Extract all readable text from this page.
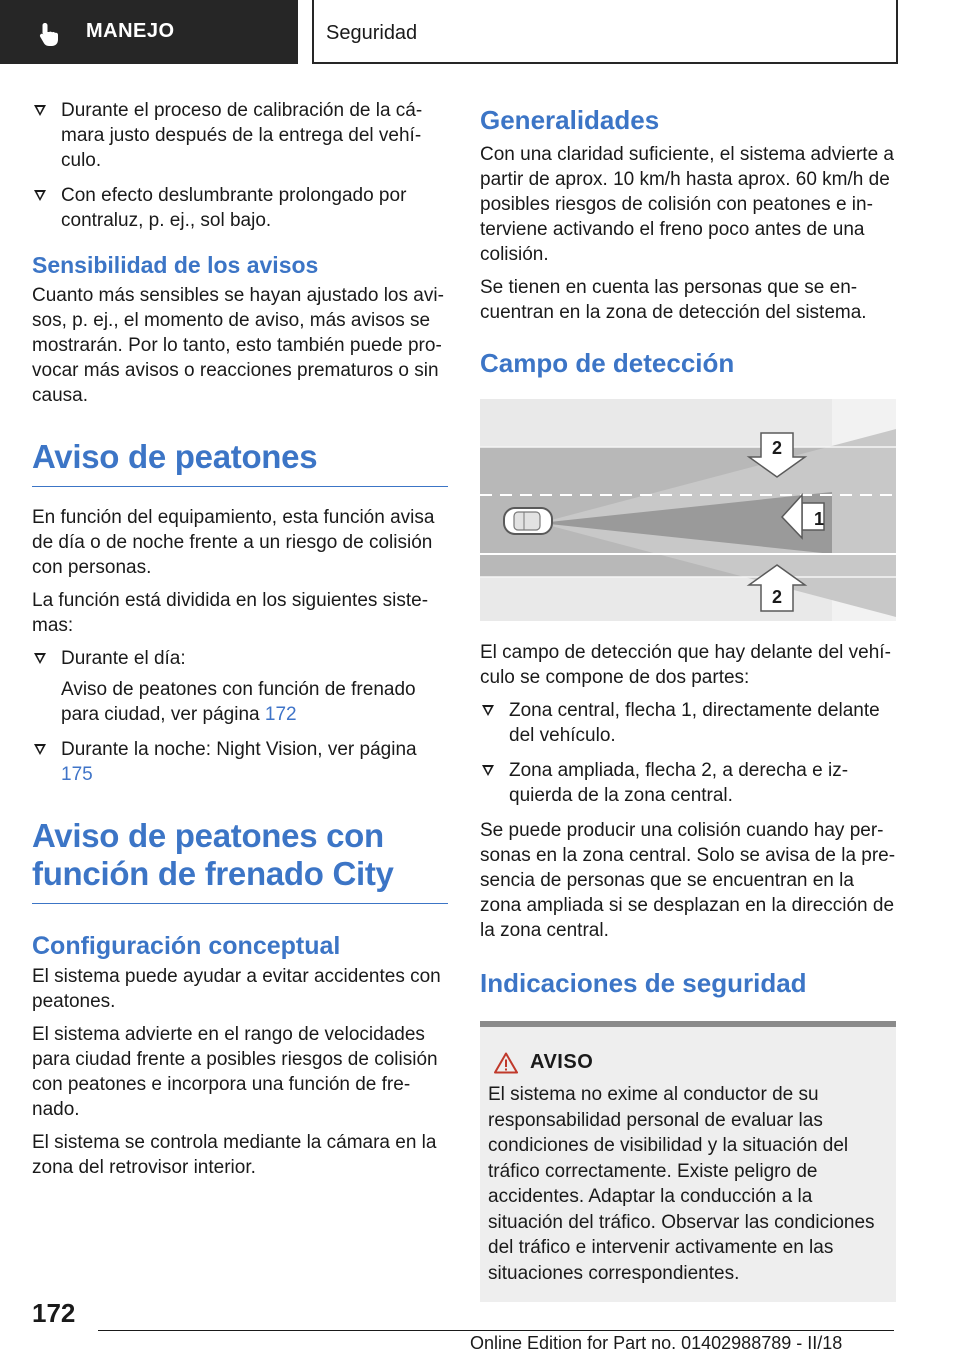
MANEJO	Seguridad
Durante el proceso de calibración de la cámara justo después de la entrega del vehículo.
Con efecto deslumbrante prolongado por contraluz, p. ej., sol bajo.
Sensibilidad de los avisos

Cuanto más sensibles se hayan ajustado los avisos, p. ej., el momento de aviso, más avisos se mostrarán. Por lo tanto, esto también puede provocar más avisos o reacciones prematuros o sin causa.

Aviso de peatones

En función del equipamiento, esta función avisa de día o de noche frente a un riesgo de colisión con personas.

La función está dividida en los siguientes sistemas:

Durante el día:
Aviso de peatones con función de frenado para ciudad, ver página 172
Durante la noche: Night Vision, ver página 175
Aviso de peatones con función de frenado City
Configuración conceptual

El sistema puede ayudar a evitar accidentes con peatones.

El sistema advierte en el rango de velocidades para ciudad frente a posibles riesgos de colisión con peatones e incorpora una función de frenado.

El sistema se controla mediante la cámara en la zona del retrovisor interior.

Generalidades

Con una claridad suficiente, el sistema advierte a partir de aprox. 10 km/h hasta aprox. 60 km/h de posibles riesgos de colisión con peatones e interviene activando el freno poco antes de una colisión.

Se tienen en cuenta las personas que se encuentran en la zona de detección del sistema.

Campo de detección
2
1
2

El campo de detección que hay delante del vehículo se compone de dos partes:

Zona central, flecha 1, directamente delante del vehículo.
Zona ampliada, flecha 2, a derecha e izquierda de la zona central.

Se puede producir una colisión cuando hay personas en la zona central. Solo se avisa de la presencia de personas que se encuentran en la zona ampliada si se desplazan en la dirección de la zona central.

Indicaciones de seguridad
AVISO

El sistema no exime al conductor de su responsabilidad personal de evaluar las condiciones de visibilidad y la situación del tráfico correctamente. Existe peligro de accidentes. Adaptar la conducción a la situación del tráfico. Observar las condiciones del tráfico e intervenir activamente en las situaciones correspondientes.

172
Online Edition for Part no. 01402988789 - II/18
